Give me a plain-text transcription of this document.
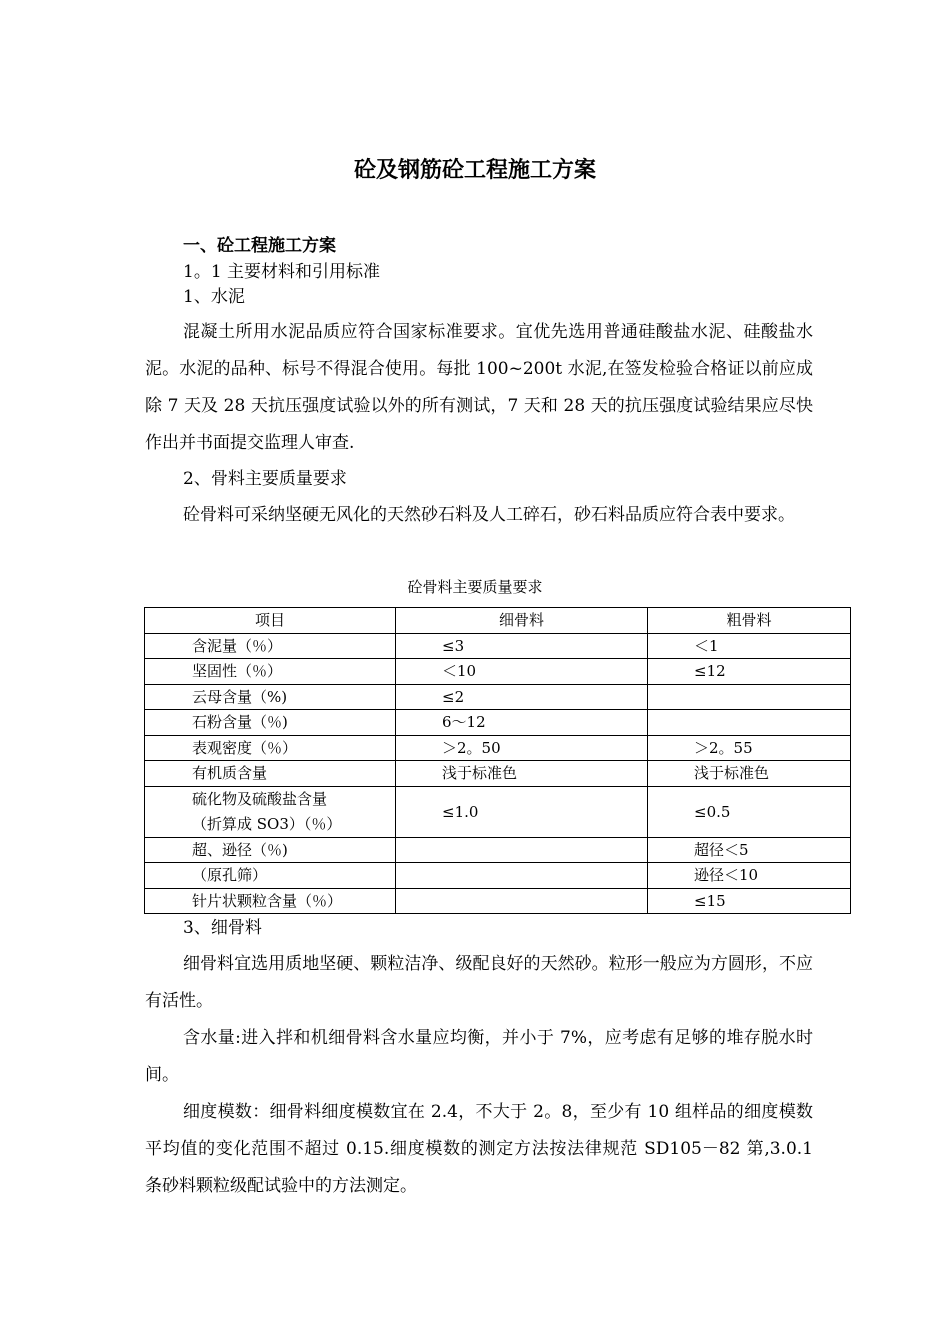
砼及钢筋砼工程施工方案
一、砼工程施工方案
1。1 主要材料和引用标准
1、水泥

混凝土所用水泥品质应符合国家标准要求。宜优先选用普通硅酸盐水泥、硅酸盐水泥。水泥的品种、标号不得混合使用。每批 100~200t 水泥,在签发检验合格证以前应成除 7 天及 28 天抗压强度试验以外的所有测试，7 天和 28 天的抗压强度试验结果应尽快作出并书面提交监理人审查.

2、骨料主要质量要求

砼骨料可采纳坚硬无风化的天然砂石料及人工碎石，砂石料品质应符合表中要求。

砼骨料主要质量要求
项目	细骨料	粗骨料
含泥量（％）	≤3	＜1
坚固性（％）	＜10	≤12
云母含量（%)	≤2	
石粉含量（％)	6～12	
表观密度（％）	＞2。50	＞2。55
有机质含量	浅于标准色	浅于标准色

硫化物及硫酸盐含量
（折算成 SO3）（％）	≤1.0	≤0.5
超、逊径（％)		超径＜5
（原孔筛）		逊径＜10
针片状颗粒含量（％）		≤15
3、细骨料

细骨料宜选用质地坚硬、颗粒洁净、级配良好的天然砂。粒形一般应为方圆形，不应有活性。

含水量:进入拌和机细骨料含水量应均衡，并小于 7%，应考虑有足够的堆存脱水时间。

细度模数：细骨料细度模数宜在 2.4，不大于 2。8，至少有 10 组样品的细度模数平均值的变化范围不超过 0.15.细度模数的测定方法按法律规范 SD105－82 第,3.0.1 条砂料颗粒级配试验中的方法测定。
